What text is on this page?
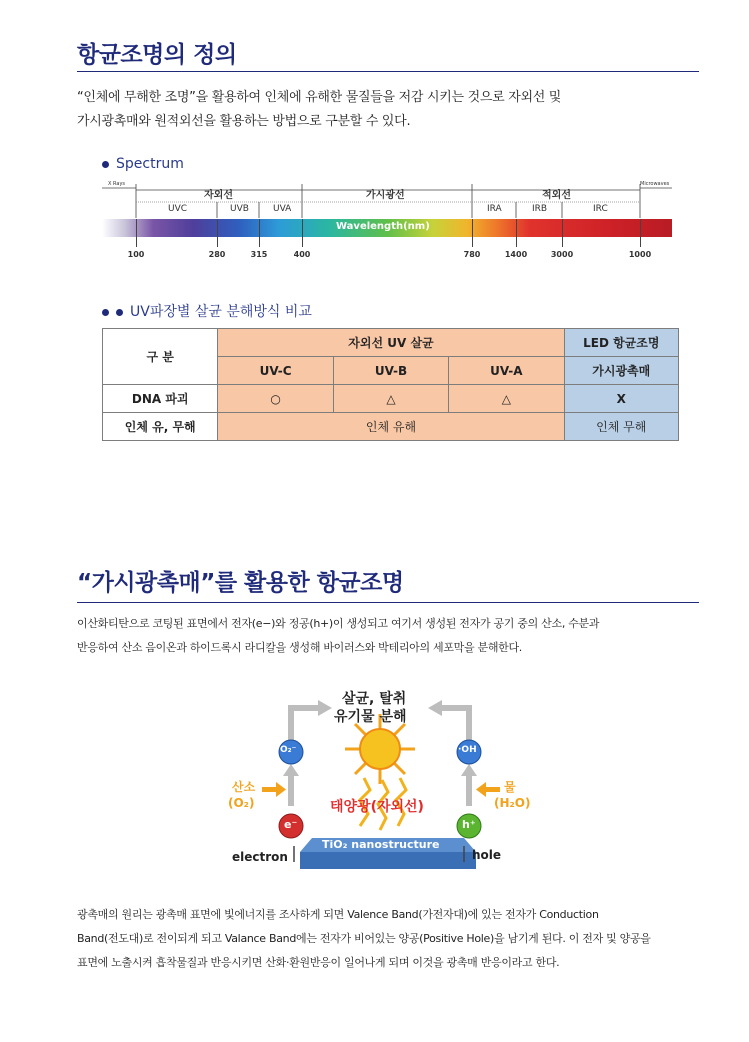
항균조명의 정의

“인체에 무해한 조명”을 활용하여 인체에 유해한 물질들을 저감 시키는 것으로 자외선 및

가시광촉매와 원적외선을 활용하는 방법으로 구분할 수 있다.

Spectrum
X Rays	Microwaves
자외선	가시광선	적외선
UVC	UVB	UVA	IRA	IRB	IRC
Wavelength(nm)
100	280	315	400	780	1400	3000	1000
UV파장별 살균 분해방식 비교
구 분	자외선 UV 살균			LED 항균조명
	UV-C	UV-B	UV-A	가시광촉매
DNA 파괴	○	△	△	X
인체 유, 무해	인체 유해			인체 무해
“가시광촉매”를 활용한 항균조명

이산화티탄으로 코팅된 표면에서 전자(e−)와 정공(h+)이 생성되고 여기서 생성된 전자가 공기 중의 산소, 수분과

반응하여 산소 음이온과 하이드록시 라디칼을 생성해 바이러스와 박테리아의 세포막을 분해한다.

살균, 탈취
유기물 분해
O₂⁻	·OH
산소
(O₂)
물
(H₂O)
태양광(자외선)
e⁻	h⁺
electron	hole
TiO₂ nanostructure

광촉매의 원리는 광촉매 표면에 빛에너지를 조사하게 되면 Valence Band(가전자대)에 있는 전자가 Conduction

Band(전도대)로 전이되게 되고 Valance Band에는 전자가 비어있는 양공(Positive Hole)을 남기게 된다. 이 전자 및 양공을

표면에 노출시켜 흡착물질과 반응시키면 산화·환원반응이 일어나게 되며 이것을 광촉매 반응이라고 한다.
